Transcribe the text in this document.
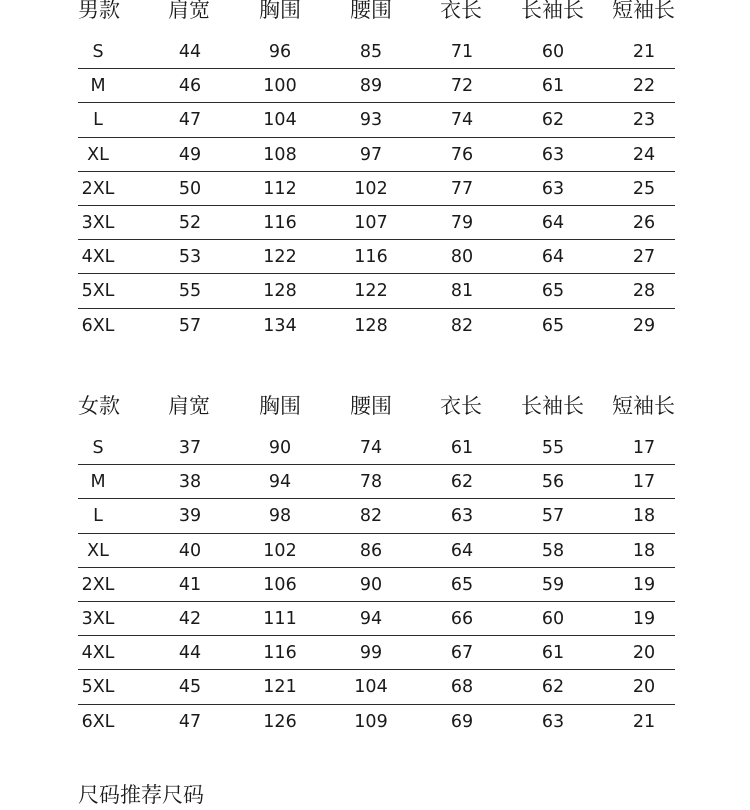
男款 肩宽 胸围 腰围 衣长 长袖长 短袖长
S	44	96	85	71	60	21
M	46	100	89	72	61	22
L	47	104	93	74	62	23
XL	49	108	97	76	63	24
2XL	50	112	102	77	63	25
3XL	52	116	107	79	64	26
4XL	53	122	116	80	64	27
5XL	55	128	122	81	65	28
6XL	57	134	128	82	65	29
女款 肩宽 胸围 腰围 衣长 长袖长 短袖长
S	37	90	74	61	55	17
M	38	94	78	62	56	17
L	39	98	82	63	57	18
XL	40	102	86	64	58	18
2XL	41	106	90	65	59	19
3XL	42	111	94	66	60	19
4XL	44	116	99	67	61	20
5XL	45	121	104	68	62	20
6XL	47	126	109	69	63	21
尺码推荐尺码
